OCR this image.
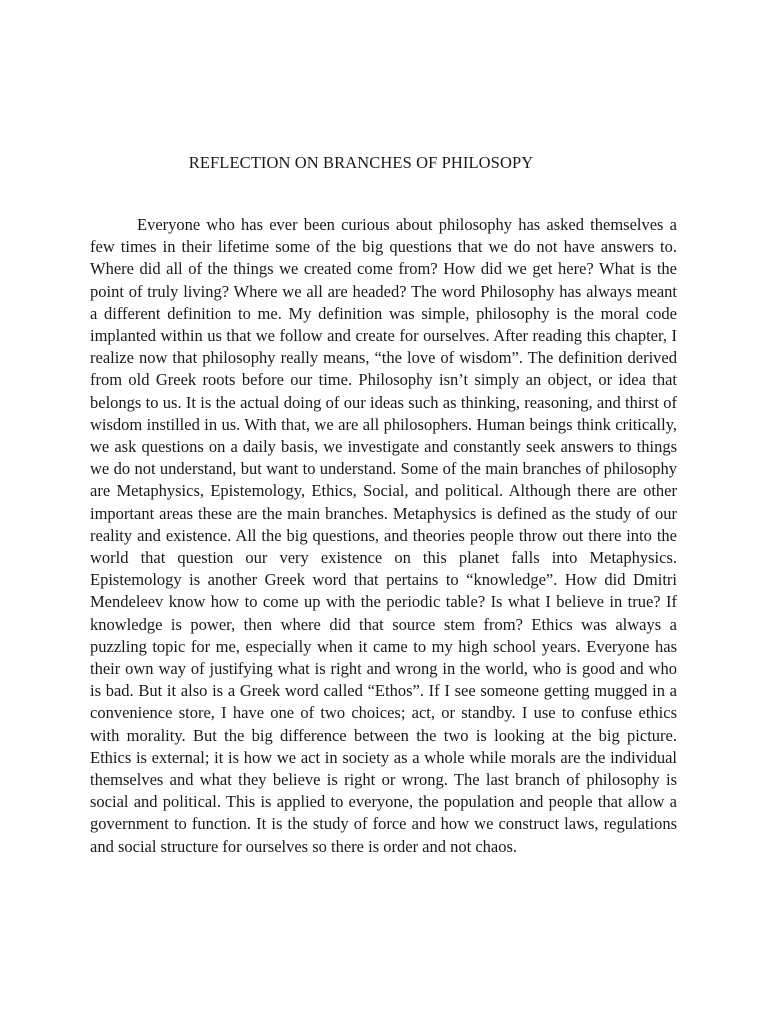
REFLECTION ON BRANCHES OF PHILOSOPY

Everyone who has ever been curious about philosophy has asked themselves a few times in their lifetime some of the big questions that we do not have answers to. Where did all of the things we created come from? How did we get here? What is the point of truly living? Where we all are headed? The word Philosophy has always meant a different definition to me. My definition was simple, philosophy is the moral code implanted within us that we follow and create for ourselves. After reading this chapter, I realize now that philosophy really means, “the love of wisdom”. The definition derived from old Greek roots before our time. Philosophy isn’t simply an object, or idea that belongs to us. It is the actual doing of our ideas such as thinking, reasoning, and thirst of wisdom instilled in us. With that, we are all philosophers. Human beings think critically, we ask questions on a daily basis, we investigate and constantly seek answers to things we do not understand, but want to understand. Some of the main branches of philosophy are Metaphysics, Epistemology, Ethics, Social, and political. Although there are other important areas these are the main branches. Metaphysics is defined as the study of our reality and existence. All the big questions, and theories people throw out there into the world that question our very existence on this planet falls into Metaphysics. Epistemology is another Greek word that pertains to “knowledge”. How did Dmitri Mendeleev know how to come up with the periodic table? Is what I believe in true? If knowledge is power, then where did that source stem from? Ethics was always a puzzling topic for me, especially when it came to my high school years. Everyone has their own way of justifying what is right and wrong in the world, who is good and who is bad. But it also is a Greek word called “Ethos”. If I see someone getting mugged in a convenience store, I have one of two choices; act, or standby. I use to confuse ethics with morality. But the big difference between the two is looking at the big picture. Ethics is external; it is how we act in society as a whole while morals are the individual themselves and what they believe is right or wrong. The last branch of philosophy is social and political. This is applied to everyone, the population and people that allow a government to function. It is the study of force and how we construct laws, regulations and social structure for ourselves so there is order and not chaos.
